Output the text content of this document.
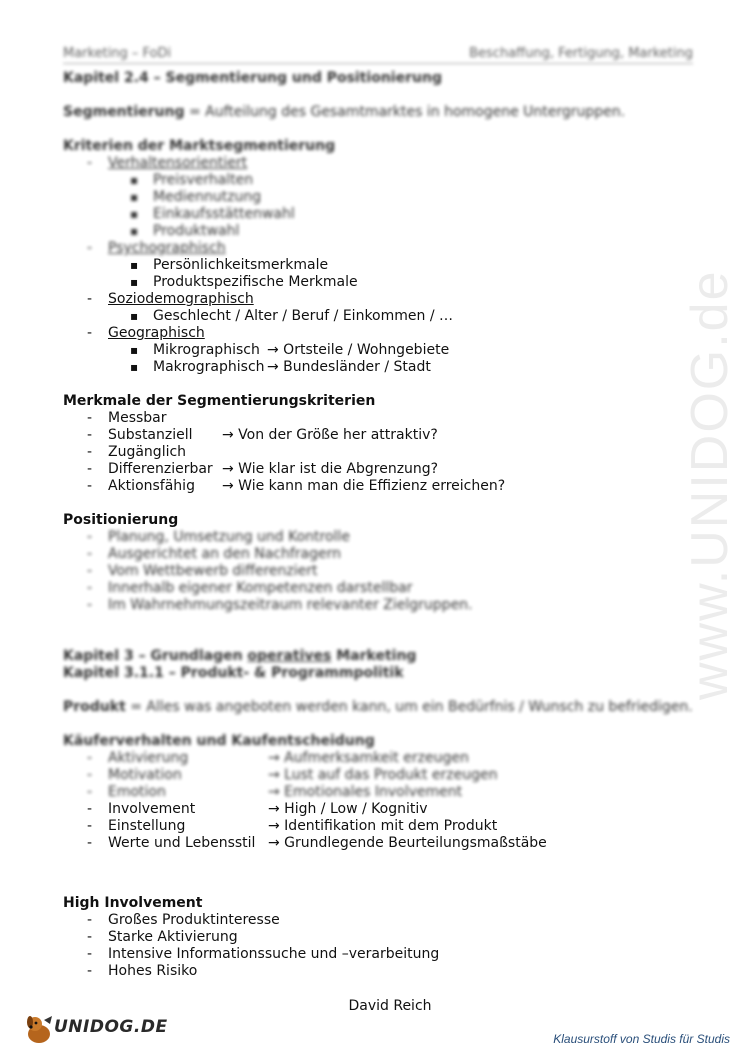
www.UNIDOG.de
Marketing – FoDi	Beschaffung, Fertigung, Marketing
Kapitel 2.4 – Segmentierung und Positionierung

Segmentierung = Aufteilung des Gesamtmarktes in homogene Untergruppen.

Kriterien der Marktsegmentierung
- Verhaltensorientiert
▪ Preisverhalten
▪ Mediennutzung
▪ Einkaufsstättenwahl
▪ Produktwahl
- Psychographisch
▪ Persönlichkeitsmerkmale
▪ Produktspezifische Merkmale
- Soziodemographisch
▪ Geschlecht / Alter / Beruf / Einkommen / …
- Geographisch
▪ Mikrographisch → Ortsteile / Wohngebiete
▪ Makrographisch → Bundesländer / Stadt
Merkmale der Segmentierungskriterien
- Messbar
- Substanziell → Von der Größe her attraktiv?
- Zugänglich
- Differenzierbar → Wie klar ist die Abgrenzung?
- Aktionsfähig → Wie kann man die Effizienz erreichen?
Positionierung
- Planung, Umsetzung und Kontrolle
- Ausgerichtet an den Nachfragern
- Vom Wettbewerb differenziert
- Innerhalb eigener Kompetenzen darstellbar
- Im Wahrnehmungszeitraum relevanter Zielgruppen.
Kapitel 3 – Grundlagen operatives Marketing
Kapitel 3.1.1 – Produkt- & Programmpolitik

Produkt = Alles was angeboten werden kann, um ein Bedürfnis / Wunsch zu befriedigen.

Käuferverhalten und Kaufentscheidung
- Aktivierung	→ Aufmerksamkeit erzeugen
- Motivation	→ Lust auf das Produkt erzeugen
- Emotion	→ Emotionales Involvement
- Involvement	→ High / Low / Kognitiv
- Einstellung	→ Identifikation mit dem Produkt
- Werte und Lebensstil → Grundlegende Beurteilungsmaßstäbe
High Involvement
- Großes Produktinteresse
- Starke Aktivierung
- Intensive Informationssuche und –verarbeitung
- Hohes Risiko
David Reich
UNIDOG.DE
Klausurstoff von Studis für Studis
